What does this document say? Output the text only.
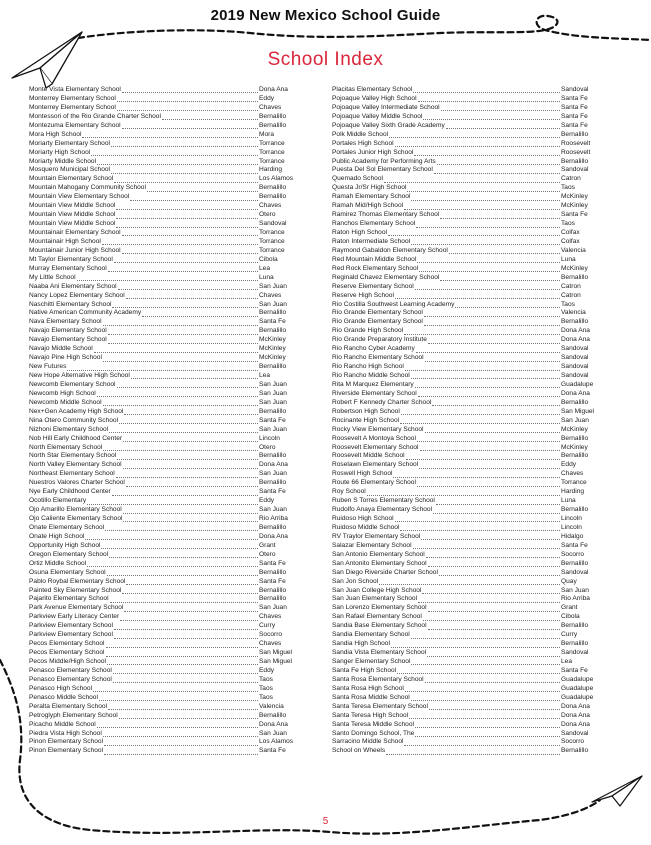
2019 New Mexico School Guide
School Index
Monte Vista Elementary School	Dona Ana
Monterrey Elementary School	Eddy
Monterrey Elementary School	Chaves
Montessori of the Rio Grande Charter School	Bernalillo
Montezuma Elementary School	Bernalillo
Mora High School	Mora
Moriarty Elementary School	Torrance
Moriarty High School	Torrance
Moriarty Middle School	Torrance
Mosquero Municipal School	Harding
Mountain Elementary School	Los Alamos
Mountain Mahogany Community School	Bernalillo
Mountain View Elementary School	Bernalillo
Mountain View Middle School	Chaves
Mountain View Middle School	Otero
Mountain View Middle School	Sandoval
Mountainair Elementary School	Torrance
Mountainair High School	Torrance
Mountainair Junior High School	Torrance
Mt Taylor Elementary School	Cibola
Murray Elementary School	Lea
My Little School	Luna
Naaba Ani Elementary School	San Juan
Nancy Lopez Elementary School	Chaves
Naschitti Elementary School	San Juan
Native American Community Academy	Bernalillo
Nava Elementary School	Santa Fe
Navajo Elementary School	Bernalillo
Navajo Elementary School	McKinley
Navajo Middle School	McKinley
Navajo Pine High School	McKinley
New Futures	Bernalillo
New Hope Alternative High School	Lea
Newcomb Elementary School	San Juan
Newcomb High School	San Juan
Newcomb Middle School	San Juan
Nex+Gen Academy High School	Bernalillo
Nina Otero Community School	Santa Fe
Nizhoni Elementary School	San Juan
Nob Hill Early Childhood Center	Lincoln
North Elementary School	Otero
North Star Elementary School	Bernalillo
North Valley Elementary School	Dona Ana
Northeast Elementary School	San Juan
Nuestros Valores Charter School	Bernalillo
Nye Early Childhood Center	Santa Fe
Ocotillo Elementary	Eddy
Ojo Amarillo Elementary School	San Juan
Ojo Caliente Elementary School	Rio Arriba
Onate Elementary School	Bernalillo
Onate High School	Dona Ana
Opportunity High School	Grant
Oregon Elementary School	Otero
Ortiz Middle School	Santa Fe
Osuna Elementary School	Bernalillo
Pablo Roybal Elementary School	Santa Fe
Painted Sky Elementary School	Bernalillo
Pajarito Elementary School	Bernalillo
Park Avenue Elementary School	San Juan
Parkview Early Literacy Center	Chaves
Parkview Elementary School	Curry
Parkview Elementary School	Socorro
Pecos Elementary School	Chaves
Pecos Elementary School	San Miguel
Pecos Middle/High School	San Miguel
Penasco Elementary School	Eddy
Penasco Elementary School	Taos
Penasco High School	Taos
Penasco Middle School	Taos
Peralta Elementary School	Valencia
Petroglyph Elementary School	Bernalillo
Picacho Middle School	Dona Ana
Piedra Vista High School	San Juan
Pinon Elementary School	Los Alamos
Pinon Elementary School	Santa Fe
Placitas Elementary School	Sandoval
Pojoaque Valley High School	Santa Fe
Pojoaque Valley Intermediate School	Santa Fe
Pojoaque Valley Middle School	Santa Fe
Pojoaque Valley Sixth Grade Academy	Santa Fe
Polk Middle School	Bernalillo
Portales High School	Roosevelt
Portales Junior High School	Roosevelt
Public Academy for Performing Arts	Bernalillo
Puesta Del Sol Elementary School	Sandoval
Quemado School	Catron
Questa Jr/Sr High School	Taos
Ramah Elementary School	McKinley
Ramah Mid/High School	McKinley
Ramirez Thomas Elementary School	Santa Fe
Ranchos Elementary School	Taos
Raton High School	Colfax
Raton Intermediate School	Colfax
Raymond Gabaldon Elementary School	Valencia
Red Mountain Middle School	Luna
Red Rock Elementary School	McKinley
Reginald Chavez Elementary School	Bernalillo
Reserve Elementary School	Catron
Reserve High School	Catron
Rio Costilla Southwest Learning Academy	Taos
Rio Grande Elementary School	Valencia
Rio Grande Elementary School	Bernalillo
Rio Grande High School	Dona Ana
Rio Grande Preparatory Institute	Dona Ana
Rio Rancho Cyber Academy	Sandoval
Rio Rancho Elementary School	Sandoval
Rio Rancho High School	Sandoval
Rio Rancho Middle School	Sandoval
Rita M Marquez Elementary	Guadalupe
Riverside Elementary School	Dona Ana
Robert F Kennedy Charter School	Bernalillo
Robertson High School	San Miguel
Rocinante High School	San Juan
Rocky View Elementary School	McKinley
Roosevelt A Montoya School	Bernalillo
Roosevelt Elementary School	McKinley
Roosevelt Middle School	Bernalillo
Roselawn Elementary School	Eddy
Roswell High School	Chaves
Route 66 Elementary School	Torrance
Roy School	Harding
Ruben S Torres Elementary School	Luna
Rudolfo Anaya Elementary School	Bernalillo
Ruidoso High School	Lincoln
Ruidoso Middle School	Lincoln
RV Traylor Elementary School	Hidalgo
Salazar Elementary School	Santa Fe
San Antonio Elementary School	Socorro
San Antonito Elementary School	Bernalillo
San Diego Riverside Charter School	Sandoval
San Jon School	Quay
San Juan College High School	San Juan
San Juan Elementary School	Rio Arriba
San Lorenzo Elementary School	Grant
San Rafael Elementary School	Cibola
Sandia Base Elementary School	Bernalillo
Sandia Elementary School	Curry
Sandia High School	Bernalillo
Sandia Vista Elementary School	Sandoval
Sanger Elementary School	Lea
Santa Fe High School	Santa Fe
Santa Rosa Elementary School	Guadalupe
Santa Rosa High School	Guadalupe
Santa Rosa Middle School	Guadalupe
Santa Teresa Elementary School	Dona Ana
Santa Teresa High School	Dona Ana
Santa Teresa Middle School	Dona Ana
Santo Domingo School, The	Sandoval
Sarracino Middle School	Socorro
School on Wheels	Bernalillo
5
